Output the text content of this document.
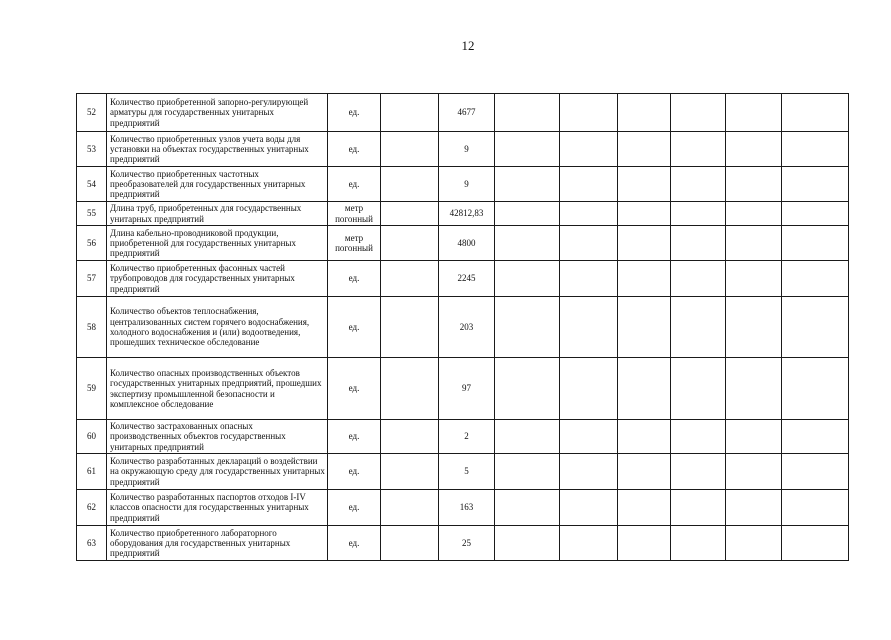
12
52	Количество приобретенной запорно-регулирующей арматуры для государственных унитарных предприятий	ед.		4677						
53	Количество приобретенных узлов учета воды для установки на объектах государственных унитарных предприятий	ед.		9						
54	Количество приобретенных частотных преобразователей для государственных унитарных предприятий	ед.		9						
55	Длина труб, приобретенных для государственных унитарных предприятий	метр погонный		42812,83						
56	Длина кабельно-проводниковой продукции, приобретенной для государственных унитарных предприятий	метр погонный		4800						
57	Количество приобретенных фасонных частей трубопроводов для государственных унитарных предприятий	ед.		2245						
58	Количество объектов теплоснабжения, централизованных систем горячего водоснабжения, холодного водоснабжения и (или) водоотведения, прошедших техническое обследование	ед.		203						
59	Количество опасных производственных объектов государственных унитарных предприятий, прошедших экспертизу промышленной безопасности и комплексное обследование	ед.		97						
60	Количество застрахованных опасных производственных объектов государственных унитарных предприятий	ед.		2						
61	Количество разработанных деклараций о воздействии на окружающую среду для государственных унитарных предприятий	ед.		5						
62	Количество разработанных паспортов отходов I-IV классов опасности для государственных унитарных предприятий	ед.		163						
63	Количество приобретенного лабораторного оборудования для государственных унитарных предприятий	ед.		25						
